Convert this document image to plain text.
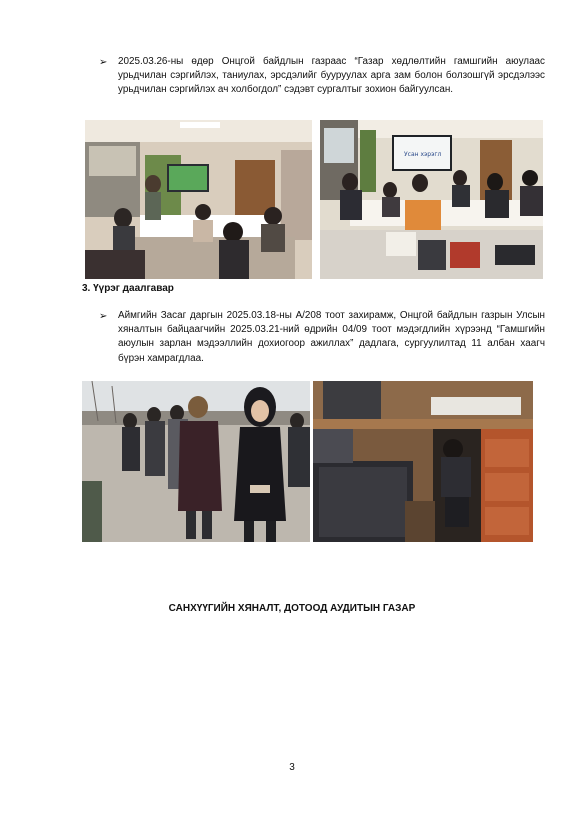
➢ 2025.03.26-ны өдөр Онцгой байдлын газраас “Газар хөдлөлтийн гамшгийн аюулаас урьдчилан сэргийлэх, таниулах, эрсдэлийг бууруулах арга зам болон болзошгүй эрсдэлээс урьдчилан сэргийлэх ач холбогдол” сэдэвт сургалтыг зохион байгуулсан.
Усан хэрэгл
3. Үүрэг даалгавар
➢ Аймгийн Засаг даргын 2025.03.18-ны А/208 тоот захирамж, Онцгой байдлын газрын Улсын хяналтын байцаагчийн 2025.03.21-ний өдрийн 04/09 тоот мэдэгдлийн хүрээнд “Гамшгийн аюулын зарлан мэдээллийн дохиогоор ажиллах” дадлага, сургуулилтад 11 албан хаагч бүрэн хамрагдлаа.
САНХҮҮГИЙН ХЯНАЛТ, ДОТООД АУДИТЫН ГАЗАР
3
